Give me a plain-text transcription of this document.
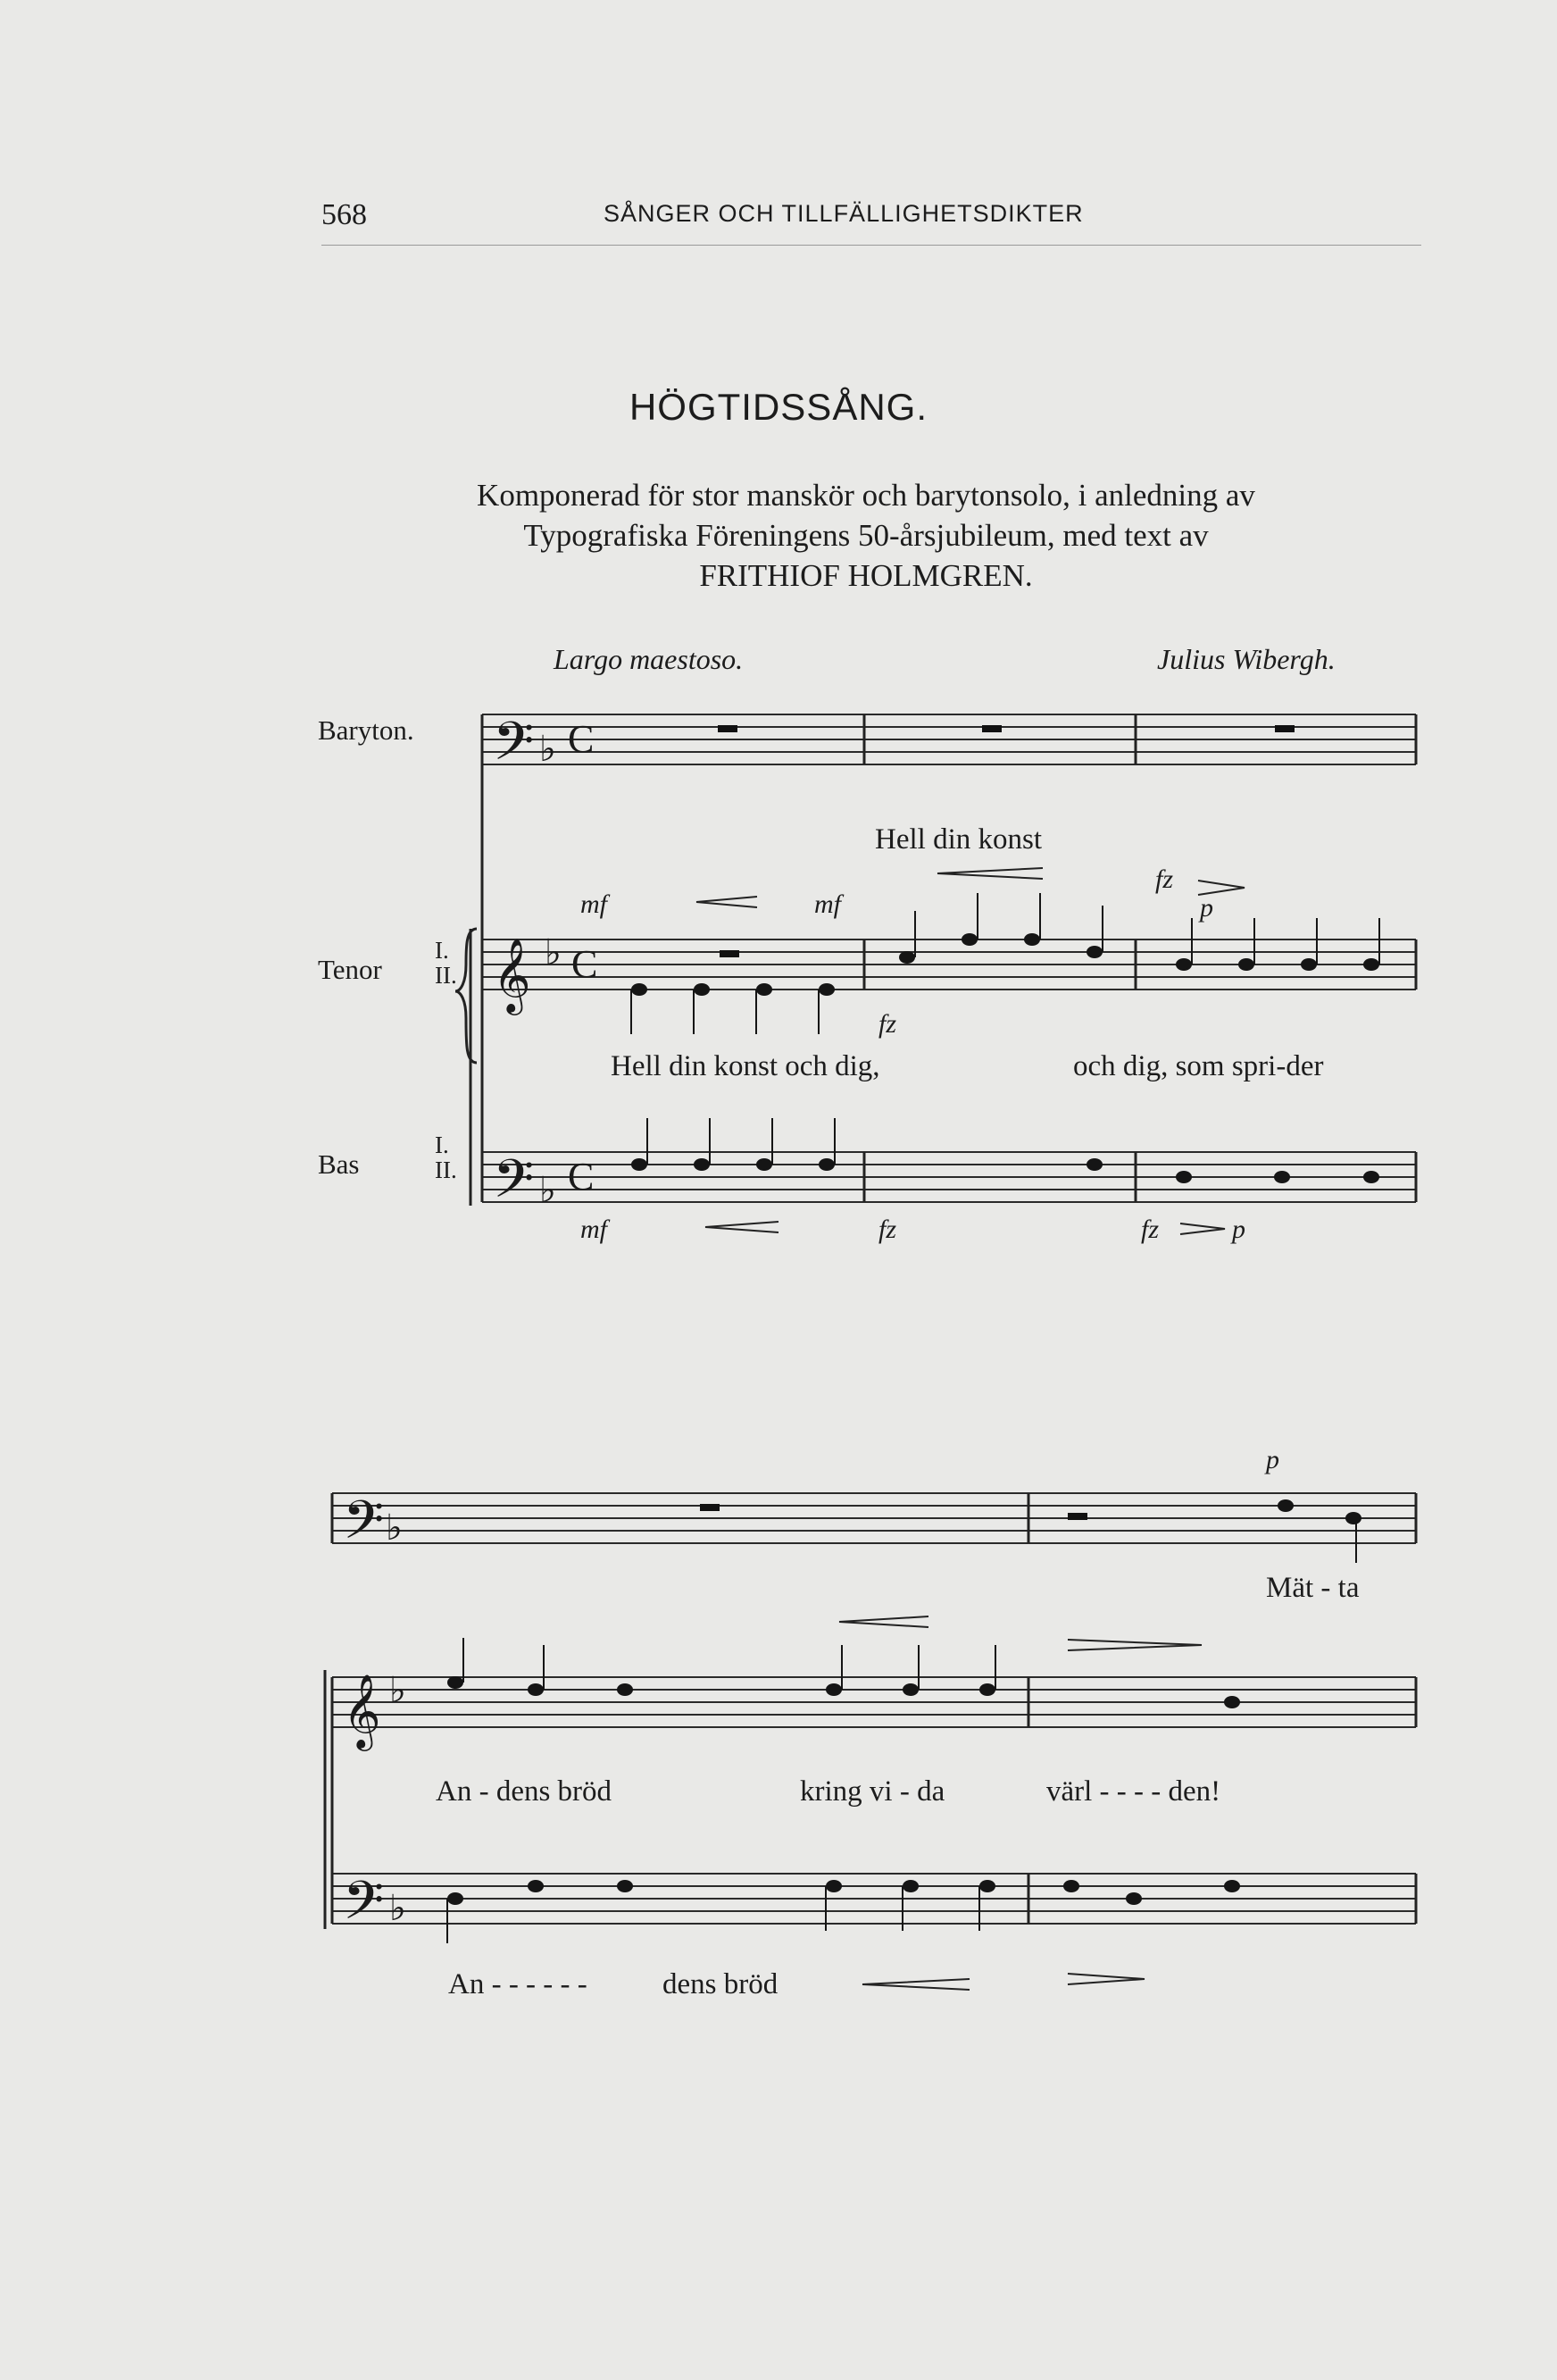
568	SÅNGER OCH TILLFÄLLIGHETSDIKTER
HÖGTIDSSÅNG.
Komponerad för stor manskör och barytonsolo, i anledning av
Typografiska Föreningens 50-årsjubileum, med text av
FRITHIOF HOLMGREN.
Largo maestoso.	Julius Wibergh.
Baryton.
Tenor
I.
II.
Bas
I.
II.
Hell din konst
Hell din konst och dig,	och dig, som spri-der
mf	mf
fz
p
fz
mf	fz	fz	p
p
Mät - ta
An - dens bröd	kring vi - da	värl - - - - den!
An - - - - - -	dens bröd
𝄢
𝄞
𝄢
𝄢
𝄞
𝄢
♭
♭
♭
♭
♭
♭
C
C
C
